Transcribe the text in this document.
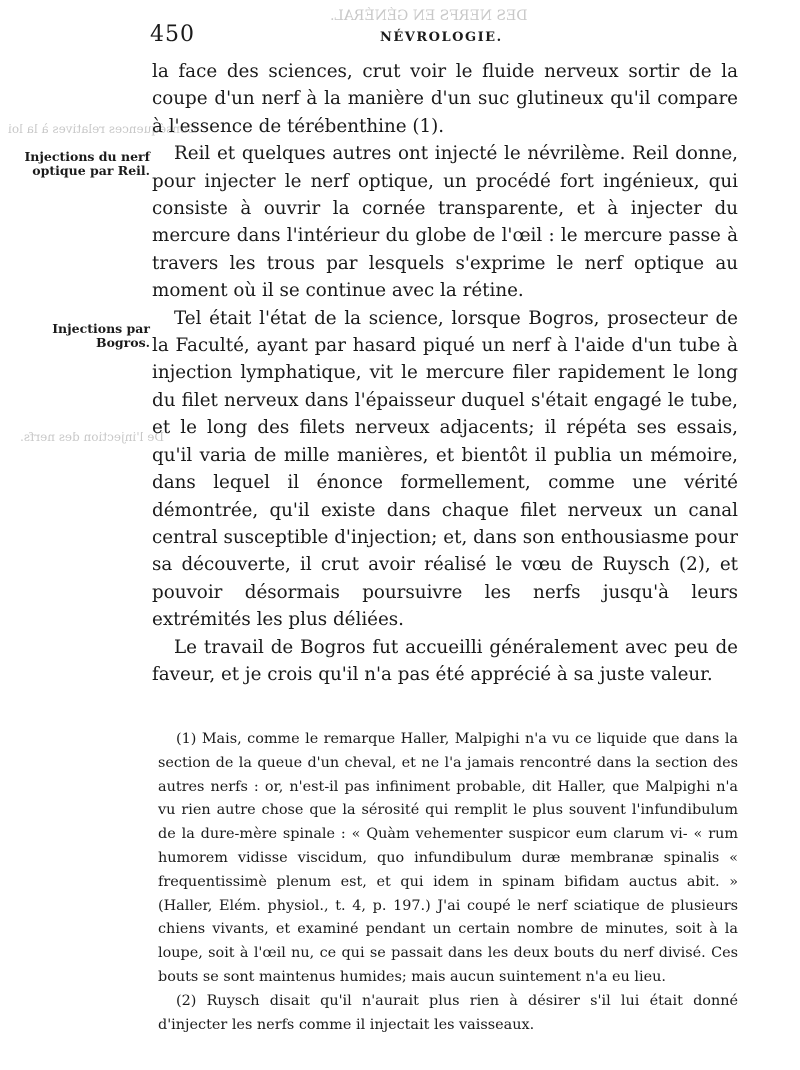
DES NERFS EN GÉNÉRAL.
Conséquences relatives à la loi
De l'injection des nerfs.
450	NÉVROLOGIE.
Injections du nerf optique par Reil.
Injections par Bogros.

la face des sciences, crut voir le fluide nerveux sortir de la coupe d'un nerf à la manière d'un suc glutineux qu'il compare à l'essence de térébenthine (1).

Reil et quelques autres ont injecté le névrilème. Reil donne, pour injecter le nerf optique, un procédé fort ingénieux, qui consiste à ouvrir la cornée transparente, et à injecter du mercure dans l'intérieur du globe de l'œil : le mercure passe à travers les trous par lesquels s'exprime le nerf optique au moment où il se continue avec la rétine.

Tel était l'état de la science, lorsque Bogros, prosecteur de la Faculté, ayant par hasard piqué un nerf à l'aide d'un tube à injection lymphatique, vit le mercure filer rapidement le long du filet nerveux dans l'épaisseur duquel s'était engagé le tube, et le long des filets nerveux adjacents; il répéta ses essais, qu'il varia de mille manières, et bientôt il publia un mémoire, dans lequel il énonce formellement, comme une vérité démontrée, qu'il existe dans chaque filet nerveux un canal central susceptible d'injection; et, dans son enthousiasme pour sa découverte, il crut avoir réalisé le vœu de Ruysch (2), et pouvoir désormais poursuivre les nerfs jusqu'à leurs extrémités les plus déliées.

Le travail de Bogros fut accueilli généralement avec peu de faveur, et je crois qu'il n'a pas été apprécié à sa juste valeur.

(1) Mais, comme le remarque Haller, Malpighi n'a vu ce liquide que dans la section de la queue d'un cheval, et ne l'a jamais rencontré dans la section des autres nerfs : or, n'est-il pas infiniment probable, dit Haller, que Malpighi n'a vu rien autre chose que la sérosité qui remplit le plus souvent l'infundibulum de la dure-mère spinale : « Quàm vehementer suspicor eum clarum vi- « rum humorem vidisse viscidum, quo infundibulum duræ membranæ spinalis « frequentissimè plenum est, et qui idem in spinam bifidam auctus abit. » (Haller, Elém. physiol., t. 4, p. 197.) J'ai coupé le nerf sciatique de plusieurs chiens vivants, et examiné pendant un certain nombre de minutes, soit à la loupe, soit à l'œil nu, ce qui se passait dans les deux bouts du nerf divisé. Ces bouts se sont maintenus humides; mais aucun suintement n'a eu lieu.

(2) Ruysch disait qu'il n'aurait plus rien à désirer s'il lui était donné d'injecter les nerfs comme il injectait les vaisseaux.
